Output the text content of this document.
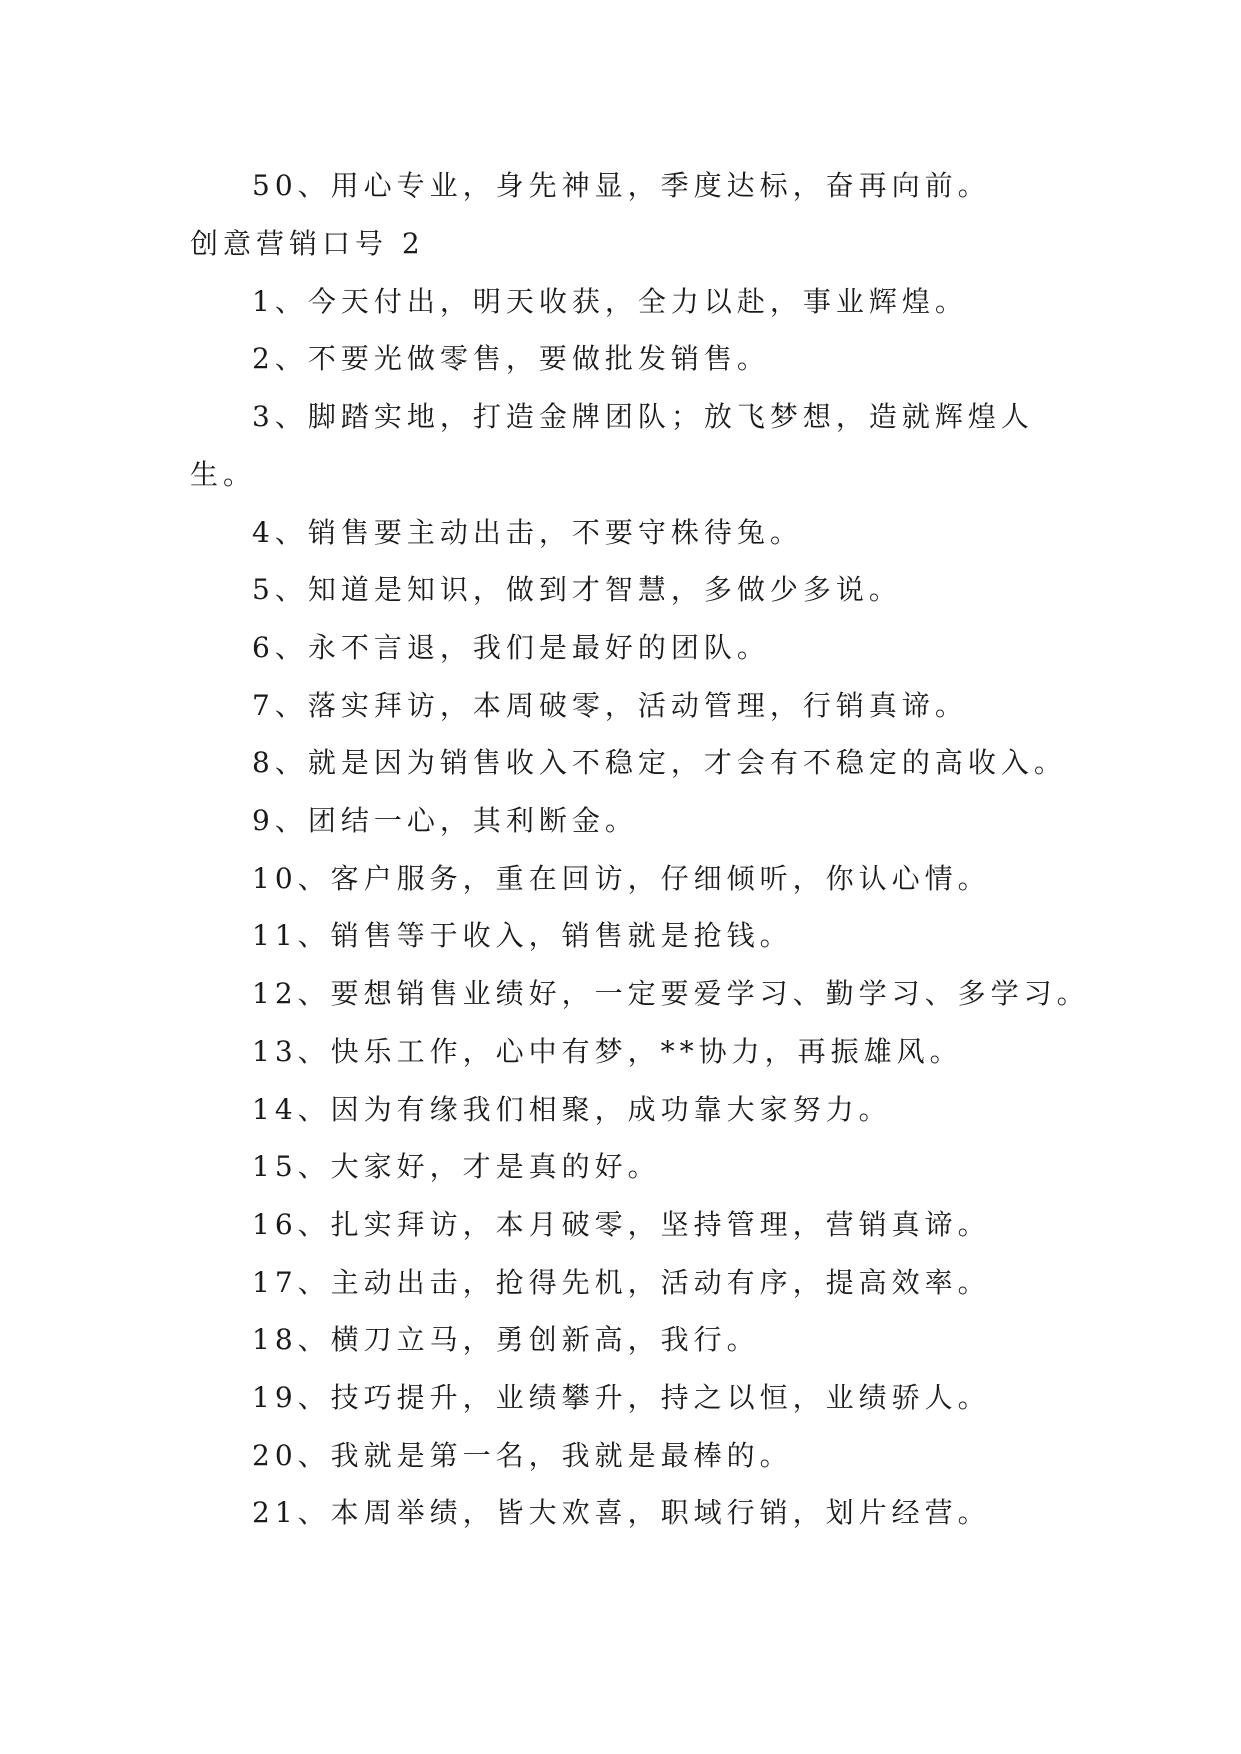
50、用心专业，身先神显，季度达标，奋再向前。
创意营销口号 2
1、今天付出，明天收获，全力以赴，事业辉煌。
2、不要光做零售，要做批发销售。
3、脚踏实地，打造金牌团队；放飞梦想，造就辉煌人
生。
4、销售要主动出击，不要守株待兔。
5、知道是知识，做到才智慧，多做少多说。
6、永不言退，我们是最好的团队。
7、落实拜访，本周破零，活动管理，行销真谛。
8、就是因为销售收入不稳定，才会有不稳定的高收入。
9、团结一心，其利断金。
10、客户服务，重在回访，仔细倾听，你认心情。
11、销售等于收入，销售就是抢钱。
12、要想销售业绩好，一定要爱学习、勤学习、多学习。
13、快乐工作，心中有梦，**协力，再振雄风。
14、因为有缘我们相聚，成功靠大家努力。
15、大家好，才是真的好。
16、扎实拜访，本月破零，坚持管理，营销真谛。
17、主动出击，抢得先机，活动有序，提高效率。
18、横刀立马，勇创新高，我行。
19、技巧提升，业绩攀升，持之以恒，业绩骄人。
20、我就是第一名，我就是最棒的。
21、本周举绩，皆大欢喜，职域行销，划片经营。
